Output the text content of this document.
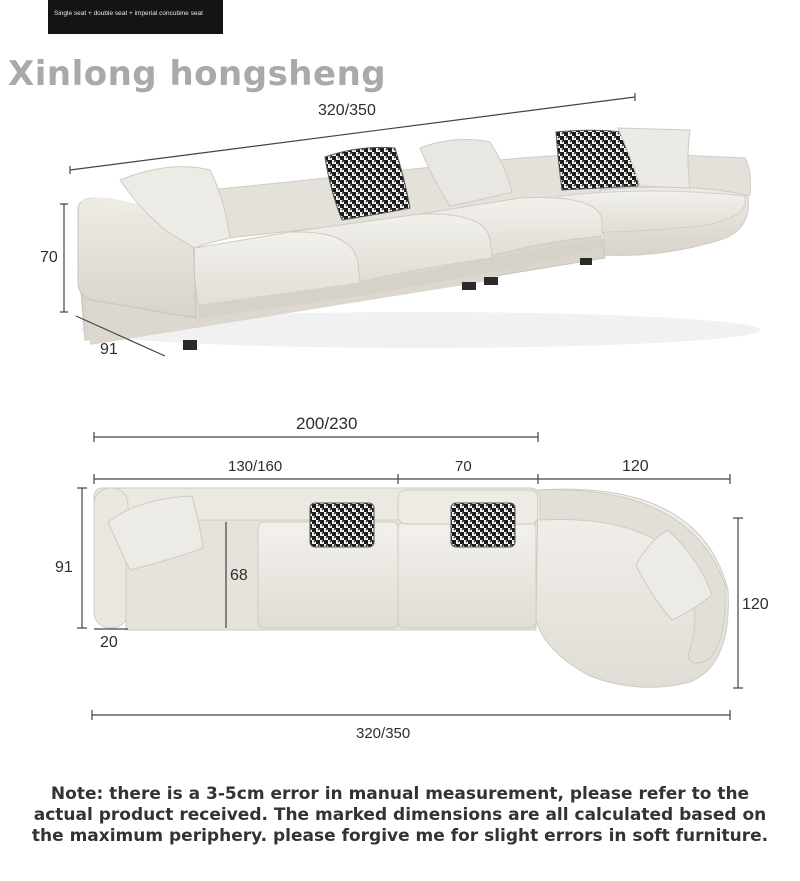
Single seat + double seat + imperial concubine seat
Xinlong hongsheng
320/350
70
91
200/230
130/160	70	120
91	68
20
120
320/350
Note: there is a 3-5cm error in manual measurement, please refer to the
actual product received. The marked dimensions are all calculated based on
the maximum periphery. please forgive me for slight errors in soft furniture.
